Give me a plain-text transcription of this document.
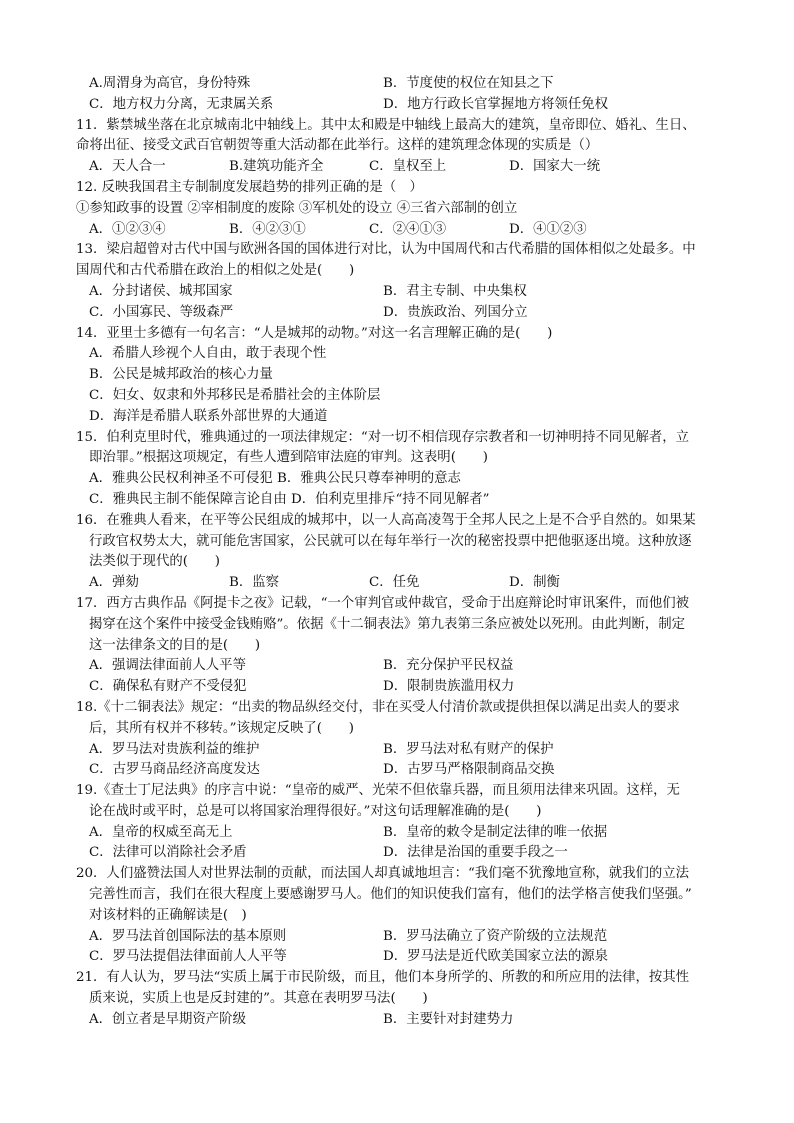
A.周渭身为高官，身份特殊	B．节度使的权位在知县之下
C．地方权力分离，无隶属关系	D．地方行政长官掌握地方将领任免权
11．紫禁城坐落在北京城南北中轴线上。其中太和殿是中轴线上最高大的建筑，皇帝即位、婚礼、生日、
命将出征、接受文武百官朝贺等重大活动都在此举行。这样的建筑理念体现的实质是（）
A．天人合一	B.建筑功能齐全	C．皇权至上	D．国家大一统
12. 反映我国君主专制制度发展趋势的排列正确的是（　）
①参知政事的设置 ②宰相制度的废除 ③军机处的设立 ④三省六部制的创立
A．①②③④	B．④②③①	C．②④①③	D．④①②③
13．梁启超曾对古代中国与欧洲各国的国体进行对比，认为中国周代和古代希腊的国体相似之处最多。中
国周代和古代希腊在政治上的相似之处是(　　)
A．分封诸侯、城邦国家	B．君主专制、中央集权
C．小国寡民、等级森严	D．贵族政治、列国分立
14．亚里士多德有一句名言：“人是城邦的动物。”对这一名言理解正确的是(　　)
A．希腊人珍视个人自由，敢于表现个性
B．公民是城邦政治的核心力量
C．妇女、奴隶和外邦移民是希腊社会的主体阶层
D．海洋是希腊人联系外部世界的大通道
15．伯利克里时代，雅典通过的一项法律规定：“对一切不相信现存宗教者和一切神明持不同见解者，立
即治罪。”根据这项规定，有些人遭到陪审法庭的审判。这表明(　　)
A．雅典公民权利神圣不可侵犯 B．雅典公民只尊奉神明的意志
C．雅典民主制不能保障言论自由 D．伯利克里排斥“持不同见解者”
16．在雅典人看来，在平等公民组成的城邦中，以一人高高凌驾于全邦人民之上是不合乎自然的。如果某
行政官权势太大，就可能危害国家，公民就可以在每年举行一次的秘密投票中把他驱逐出境。这种放逐
法类似于现代的(　　)
A．弹劾	B．监察	C．任免	D．制衡
17．西方古典作品《阿提卡之夜》记载，“一个审判官或仲裁官，受命于出庭辩论时审讯案件，而他们被
揭穿在这个案件中接受金钱贿赂”。依据《十二铜表法》第九表第三条应被处以死刑。由此判断，制定
这一法律条文的目的是(　　)
A．强调法律面前人人平等	B．充分保护平民权益
C．确保私有财产不受侵犯	D．限制贵族滥用权力
18.《十二铜表法》规定：“出卖的物品纵经交付，非在买受人付清价款或提供担保以满足出卖人的要求
后，其所有权并不移转。”该规定反映了(　　)
A．罗马法对贵族利益的维护	B．罗马法对私有财产的保护
C．古罗马商品经济高度发达	D．古罗马严格限制商品交换
19.《查士丁尼法典》的序言中说：“皇帝的威严、光荣不但依靠兵器，而且须用法律来巩固。这样，无
论在战时或平时，总是可以将国家治理得很好。”对这句话理解准确的是(　　)
A．皇帝的权威至高无上	B．皇帝的敕令是制定法律的唯一依据
C．法律可以消除社会矛盾	D．法律是治国的重要手段之一
20．人们盛赞法国人对世界法制的贡献，而法国人却真诚地坦言：“我们毫不犹豫地宣称，就我们的立法
完善性而言，我们在很大程度上要感谢罗马人。他们的知识使我们富有，他们的法学格言使我们坚强。”
对该材料的正确解读是(　)
A．罗马法首创国际法的基本原则	B．罗马法确立了资产阶级的立法规范
C．罗马法提倡法律面前人人平等	D．罗马法是近代欧美国家立法的源泉
21．有人认为，罗马法“实质上属于市民阶级，而且，他们本身所学的、所教的和所应用的法律，按其性
质来说，实质上也是反封建的”。其意在表明罗马法(　　)
A．创立者是早期资产阶级	B．主要针对封建势力
